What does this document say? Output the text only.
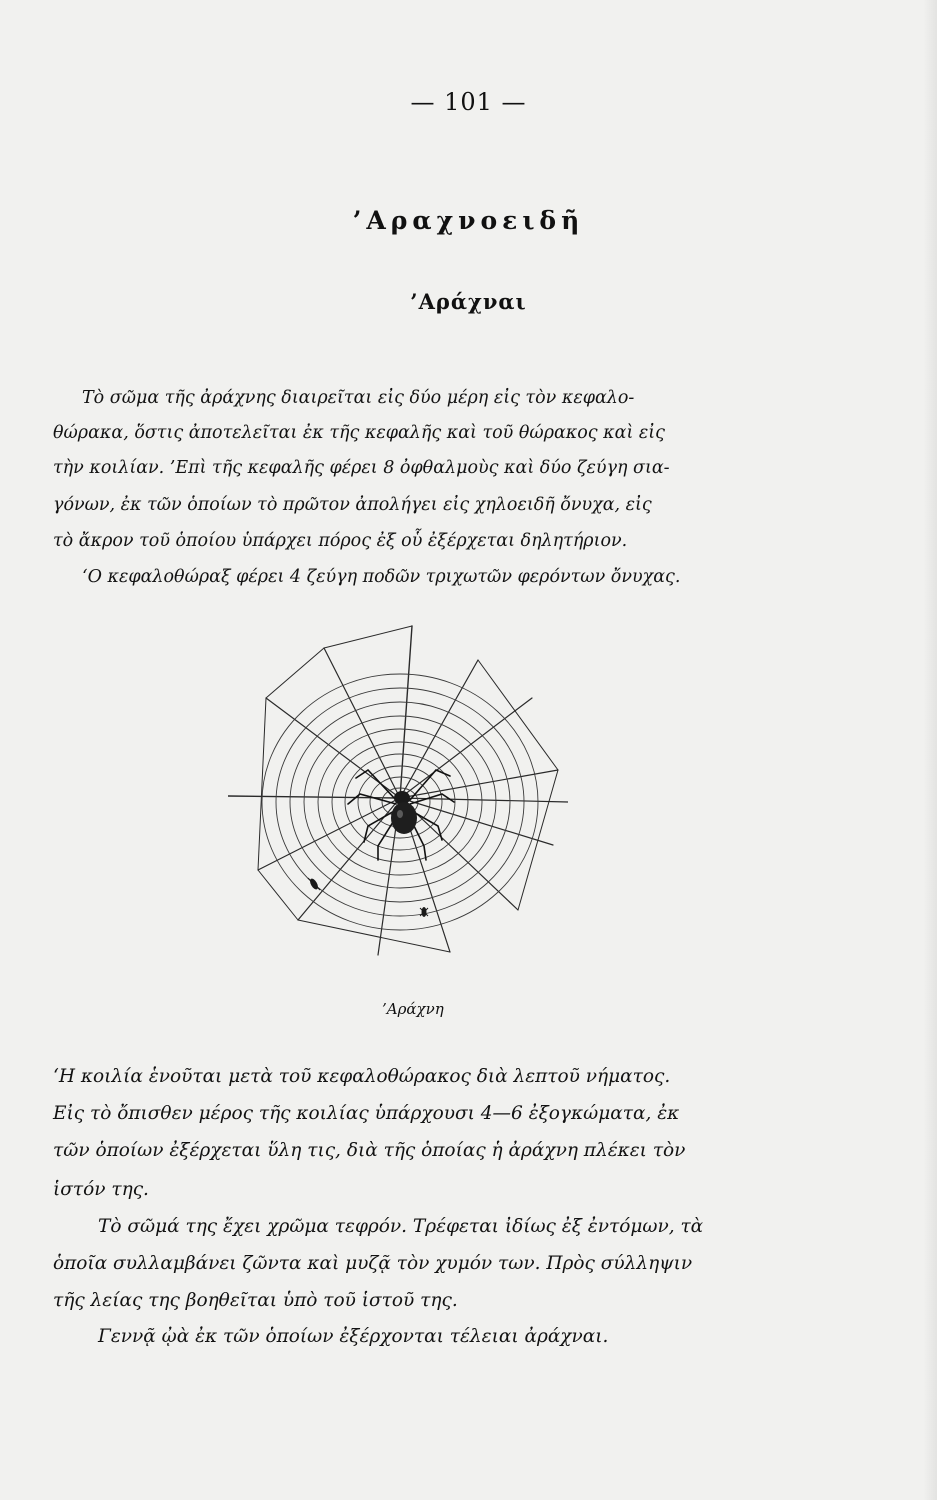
— 101 —
’Αραχνοειδῆ
’Αράχναι
Τὸ σῶμα τῆς ἀράχνης διαιρεῖται εἰς δύο μέρη εἰς τὸν κεφαλο-
θώρακα, ὅστις ἀποτελεῖται ἐκ τῆς κεφαλῆς καὶ τοῦ θώρακος καὶ εἰς
τὴν κοιλίαν. ’Επὶ τῆς κεφαλῆς φέρει 8 ὀφθαλμοὺς καὶ δύο ζεύγη σια-
γόνων, ἐκ τῶν ὁποίων τὸ πρῶτον ἀπολήγει εἰς χηλοειδῆ ὄνυχα, εἰς
τὸ ἄκρον τοῦ ὁποίου ὑπάρχει πόρος ἐξ οὗ ἐξέρχεται δηλητήριον.
‘Ο κεφαλοθώραξ φέρει 4 ζεύγη ποδῶν τριχωτῶν φερόντων ὄνυχας.
’Αράχνη
‘Η κοιλία ἑνοῦται μετὰ τοῦ κεφαλοθώρακος διὰ λεπτοῦ νήματος.
Εἰς τὸ ὄπισθεν μέρος τῆς κοιλίας ὑπάρχουσι 4—6 ἐξογκώματα, ἐκ
τῶν ὁποίων ἐξέρχεται ὕλη τις, διὰ τῆς ὁποίας ἡ ἀράχνη πλέκει τὸν
ἱστόν της.
Τὸ σῶμά της ἔχει χρῶμα τεφρόν. Τρέφεται ἰδίως ἐξ ἐντόμων, τὰ
ὁποῖα συλλαμβάνει ζῶντα καὶ μυζᾷ τὸν χυμόν των. Πρὸς σύλληψιν
τῆς λείας της βοηθεῖται ὑπὸ τοῦ ἱστοῦ της.
Γεννᾷ ᾠὰ ἐκ τῶν ὁποίων ἐξέρχονται τέλειαι ἀράχναι.
